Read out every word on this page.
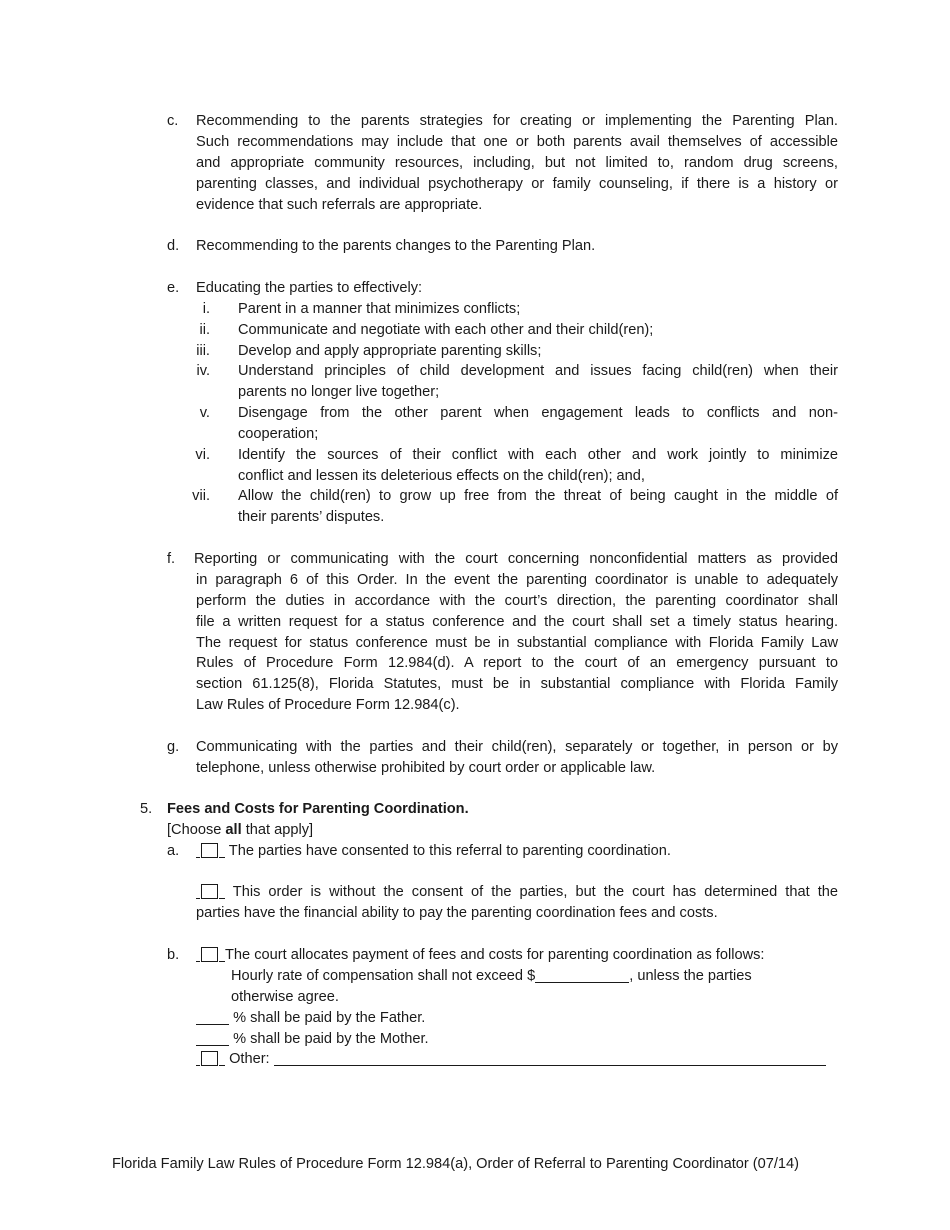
c. Recommending to the parents strategies for creating or implementing the Parenting Plan.
Such recommendations may include that one or both parents avail themselves of accessible
and appropriate community resources, including, but not limited to, random drug screens,
parenting classes, and individual psychotherapy or family counseling, if there is a history or
evidence that such referrals are appropriate.
d. Recommending to the parents changes to the Parenting Plan.
e. Educating the parties to effectively:
i. Parent in a manner that minimizes conflicts;
ii. Communicate and negotiate with each other and their child(ren);
iii. Develop and apply appropriate parenting skills;
iv. Understand principles of child development and issues facing child(ren) when their
parents no longer live together;
v. Disengage from the other parent when engagement leads to conflicts and non-
cooperation;
vi. Identify the sources of their conflict with each other and work jointly to minimize
conflict and lessen its deleterious effects on the child(ren); and,
vii. Allow the child(ren) to grow up free from the threat of being caught in the middle of
their parents’ disputes.
f. Reporting or communicating with the court concerning nonconfidential matters as provided
in paragraph 6 of this Order. In the event the parenting coordinator is unable to adequately
perform the duties in accordance with the court’s direction, the parenting coordinator shall
file a written request for a status conference and the court shall set a timely status hearing.
The request for status conference must be in substantial compliance with Florida Family Law
Rules of Procedure Form 12.984(d). A report to the court of an emergency pursuant to
section 61.125(8), Florida Statutes, must be in substantial compliance with Florida Family
Law Rules of Procedure Form 12.984(c).
g. Communicating with the parties and their child(ren), separately or together, in person or by
telephone, unless otherwise prohibited by court order or applicable law.
5. Fees and Costs for Parenting Coordination.
[Choose all that apply]
a.	The parties have consented to this referral to parenting coordination.
This order is without the consent of the parties, but the court has determined that the
parties have the financial ability to pay the parenting coordination fees and costs.
b.	The court allocates payment of fees and costs for parenting coordination as follows:
Hourly rate of compensation shall not exceed $	, unless the parties
otherwise agree.
% shall be paid by the Father.
% shall be paid by the Mother.
Other:
Florida Family Law Rules of Procedure Form 12.984(a), Order of Referral to Parenting Coordinator (07/14)
